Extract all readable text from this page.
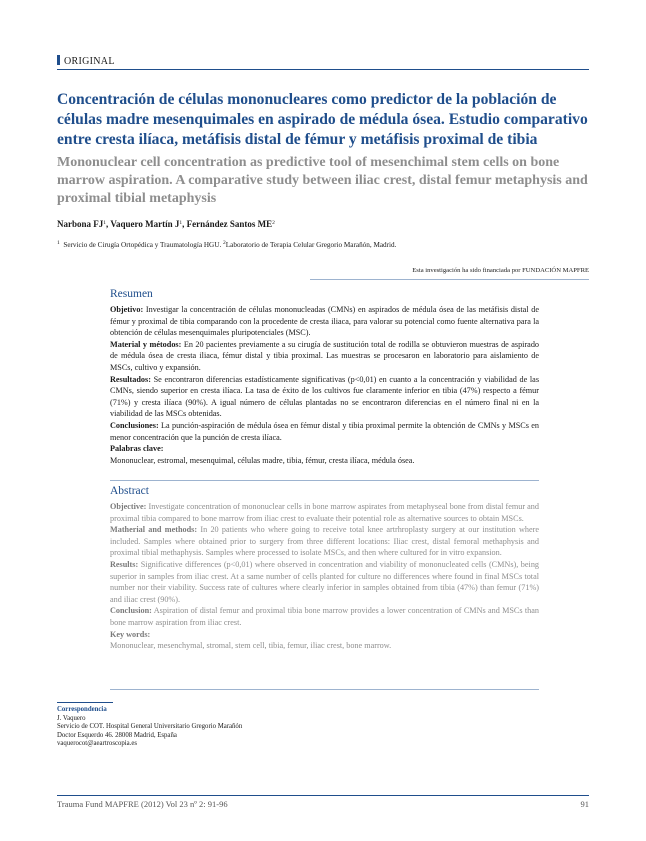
ORIGINAL
Concentración de células mononucleares como predictor de la población de células madre mesenquimales en aspirado de médula ósea. Estudio comparativo entre cresta ilíaca, metáfisis distal de fémur y metáfisis proximal de tibia
Mononuclear cell concentration as predictive tool of mesenchimal stem cells on bone marrow aspiration. A comparative study between iliac crest, distal femur metaphysis and proximal tibial metaphysis
Narbona $FJ^1$, Vaquero Martín $J^1$, Fernández Santos $ME^2$
$^1$ Servicio de Cirugía Ortopédica y Traumatología HGU. $^2$Laboratorio de Terapia Celular Gregorio Marañón, Madrid.
Esta investigación ha sido financiada por FUNDACIÓN MAPFRE
Resumen

Objetivo: Investigar la concentración de células mononucleadas (CMNs) en aspirados de médula ósea de las metáfisis distal de fémur y proximal de tibia comparando con la procedente de cresta iliaca, para valorar su potencial como fuente alternativa para la obtención de células mesenquimales pluripotenciales (MSC).

Material y métodos: En 20 pacientes previamente a su cirugía de sustitución total de rodilla se obtuvieron muestras de aspirado de médula ósea de cresta iliaca, fémur distal y tibia proximal. Las muestras se procesaron en laboratorio para aislamiento de MSCs, cultivo y expansión.

Resultados: Se encontraron diferencias estadísticamente significativas (p<0,01) en cuanto a la concentración y viabilidad de las CMNs, siendo superior en cresta ilíaca. La tasa de éxito de los cultivos fue claramente inferior en tibia (47%) respecto a fémur (71%) y cresta ilíaca (90%). A igual número de células plantadas no se encontraron diferencias en el número final ni en la viabilidad de las MSCs obtenidas.

Conclusiones: La punción-aspiración de médula ósea en fémur distal y tibia proximal permite la obtención de CMNs y MSCs en menor concentración que la punción de cresta ilíaca.

Palabras clave:

Mononuclear, estromal, mesenquimal, células madre, tibia, fémur, cresta ilíaca, médula ósea.

Abstract

Objective: Investigate concentration of mononuclear cells in bone marrow aspirates from metaphyseal bone from distal femur and proximal tibia compared to bone marrow from iliac crest to evaluate their potential role as alternative sources to obtain MSCs.

Matherial and methods: In 20 patients who where going to receive total knee artrhroplasty surgery at our institution where included. Samples where obtained prior to surgery from three different locations: Iliac crest, distal femoral methaphysis and proximal tibial methaphysis. Samples where processed to isolate MSCs, and then where cultured for in vitro expansion.

Results: Significative differences (p<0,01) where observed in concentration and viability of mononucleated cells (CMNs), being superior in samples from iliac crest. At a same number of cells planted for culture no differences where found in final MSCs total number nor their viability. Success rate of cultures where clearly inferior in samples obtained from tibia (47%) than femur (71%) and iliac crest (90%).

Conclusion: Aspiration of distal femur and proximal tibia bone marrow provides a lower concentration of CMNs and MSCs than bone marrow aspiration from iliac crest.

Key words:

Mononuclear, mesenchymal, stromal, stem cell, tibia, femur, iliac crest, bone marrow.

Correspondencia
J. Vaquero
Servicio de COT. Hospital General Universitario Gregorio Marañón
Doctor Esquerdo 46. 28008 Madrid, España
vaquerocot@aeartroscopia.es
Trauma Fund MAPFRE (2012) Vol 23 nº 2: 91-96	91
